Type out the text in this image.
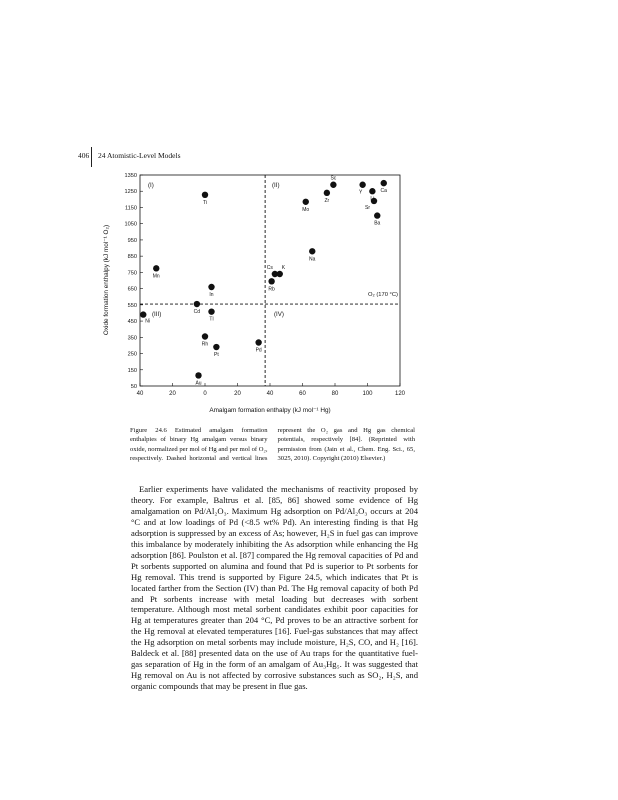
406 24 Atomistic-Level Models
(I)	(II)
(III)	(IV)
40	20	0	20	40	60	80	100	120
50
150
250
350
450
550
650
750
850
950
1050
1150
1250
1350
Ti
Mn
In
Cd
Tl
Ni
Rh
Pt
Au
Pd
Cs K
Rb
Na
Mo
Zr
Sc
Y	Ca
Sr
Ba
Amalgam formation enthalpy (kJ mol⁻¹ Hg)
Oxide formation enthalpy (kJ mol⁻¹ O₂)	O₂ (170 °C)
Figure 24.6 Estimated amalgam formation enthalpies of binary Hg amalgam versus binary oxide, normalized per mol of Hg and per mol of O₂, respectively. Dashed horizontal and vertical lines represent the O₂ gas and Hg gas chemical potentials, respectively [84]. (Reprinted with permission from (Jain et al., Chem. Eng. Sci., 65, 3025, 2010). Copyright (2010) Elsevier.)
Earlier experiments have validated the mechanisms of reactivity proposed by theory. For example, Baltrus et al. [85, 86] showed some evidence of Hg amalgamation on Pd/Al₂O₃. Maximum Hg adsorption on Pd/Al₂O₃ occurs at 204 °C and at low loadings of Pd (<8.5 wt% Pd). An interesting finding is that Hg adsorption is suppressed by an excess of As; however, H₂S in fuel gas can improve this imbalance by moderately inhibiting the As adsorption while enhancing the Hg adsorption [86]. Poulston et al. [87] compared the Hg removal capacities of Pd and Pt sorbents supported on alumina and found that Pd is superior to Pt sorbents for Hg removal. This trend is supported by Figure 24.5, which indicates that Pt is located farther from the Section (IV) than Pd. The Hg removal capacity of both Pd and Pt sorbents increase with metal loading but decreases with sorbent temperature. Although most metal sorbent candidates exhibit poor capacities for Hg at temperatures greater than 204 °C, Pd proves to be an attractive sorbent for the Hg removal at elevated temperatures [16]. Fuel-gas substances that may affect the Hg adsorption on metal sorbents may include moisture, H₂S, CO, and H₂ [16]. Baldeck et al. [88] presented data on the use of Au traps for the quantitative fuel-gas separation of Hg in the form of an amalgam of Au₃Hg₅. It was suggested that Hg removal on Au is not affected by corrosive substances such as SO₂, H₂S, and organic compounds that may be present in flue gas.
